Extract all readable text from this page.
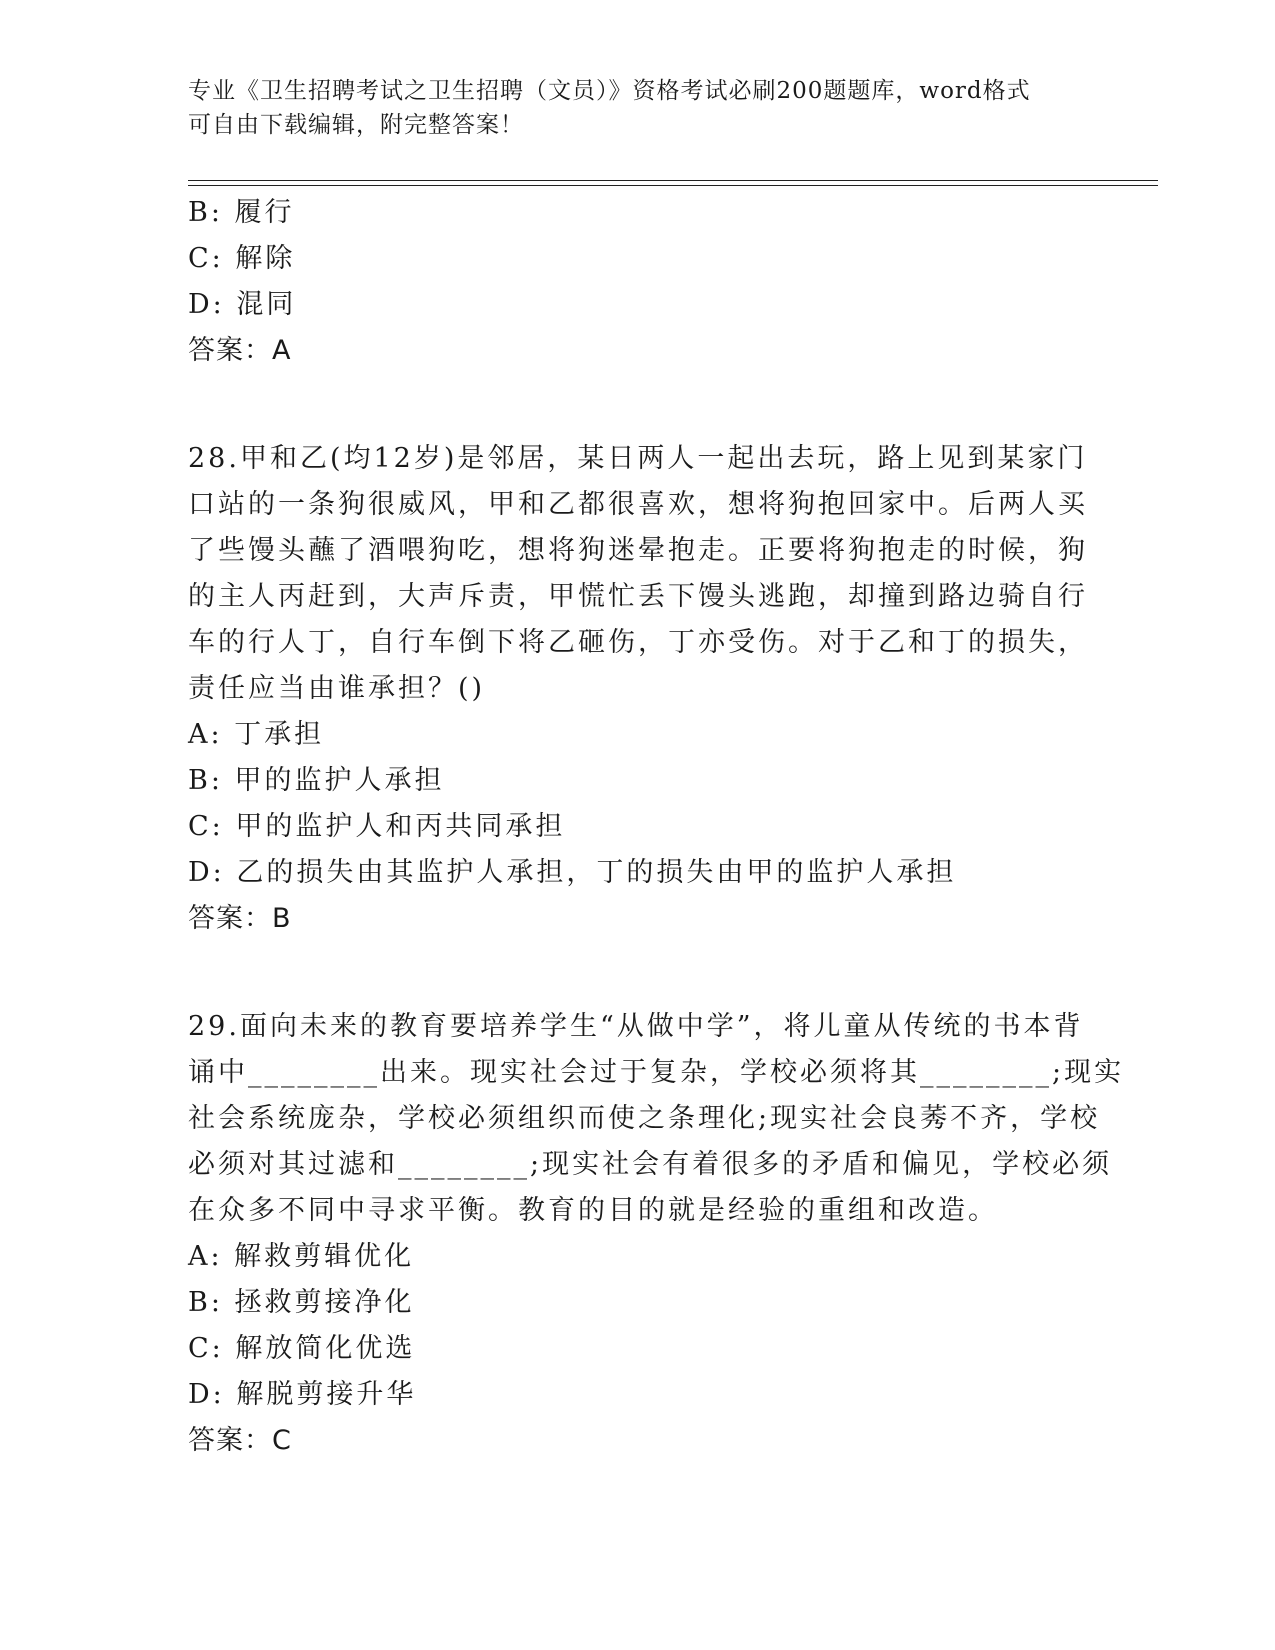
专业《卫生招聘考试之卫生招聘（文员）》资格考试必刷200题题库，word格式
可自由下载编辑，附完整答案！
B: 履行
C: 解除
D: 混同
答案：A
28.甲和乙(均12岁)是邻居，某日两人一起出去玩，路上见到某家门
口站的一条狗很威风，甲和乙都很喜欢，想将狗抱回家中。后两人买
了些馒头蘸了酒喂狗吃，想将狗迷晕抱走。正要将狗抱走的时候，狗
的主人丙赶到，大声斥责，甲慌忙丢下馒头逃跑，却撞到路边骑自行
车的行人丁，自行车倒下将乙砸伤，丁亦受伤。对于乙和丁的损失，
责任应当由谁承担？()
A: 丁承担
B: 甲的监护人承担
C: 甲的监护人和丙共同承担
D: 乙的损失由其监护人承担，丁的损失由甲的监护人承担
答案：B
29.面向未来的教育要培养学生“从做中学”，将儿童从传统的书本背
诵中________出来。现实社会过于复杂，学校必须将其________;现实
社会系统庞杂，学校必须组织而使之条理化;现实社会良莠不齐，学校
必须对其过滤和________;现实社会有着很多的矛盾和偏见，学校必须
在众多不同中寻求平衡。教育的目的就是经验的重组和改造。
A: 解救剪辑优化
B: 拯救剪接净化
C: 解放简化优选
D: 解脱剪接升华
答案：C
